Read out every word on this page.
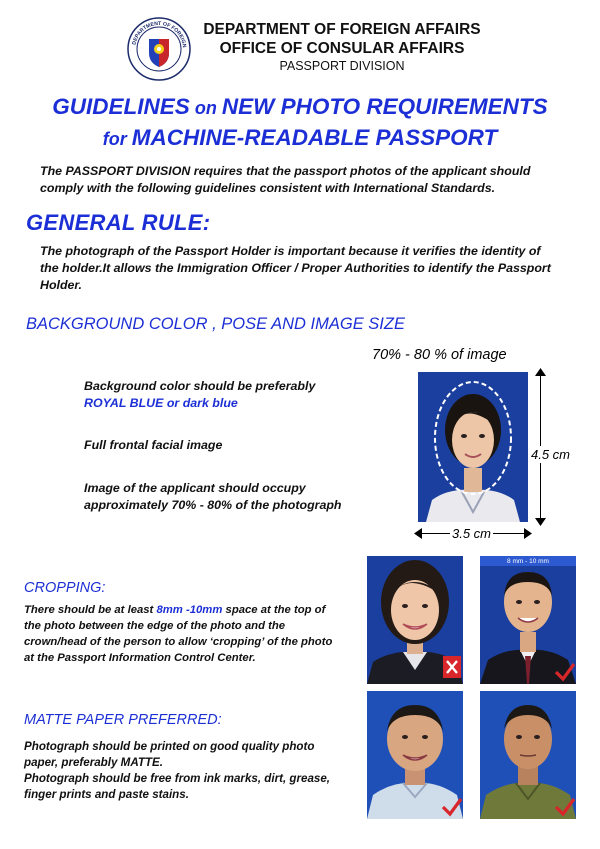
DEPARTMENT OF FOREIGN
DEPARTMENT OF FOREIGN AFFAIRS
OFFICE OF CONSULAR AFFAIRS
PASSPORT DIVISION
GUIDELINES on NEW PHOTO REQUIREMENTS
for MACHINE-READABLE PASSPORT
The PASSPORT DIVISION requires that the passport photos of the applicant should comply with the following guidelines consistent with International Standards.
GENERAL RULE:
The photograph of the Passport Holder is important because it verifies the identity of the holder.It allows the Immigration Officer / Proper Authorities to identify the Passport Holder.
BACKGROUND COLOR , POSE AND IMAGE SIZE
70% - 80 % of image
Background color should be preferably
ROYAL BLUE or dark blue
Full frontal facial image
Image of the applicant should occupy approximately 70% - 80% of the photograph
4.5 cm
3.5 cm
CROPPING:
There should be at least 8mm -10mm space at the top of the photo between the edge of the photo and the crown/head of the person to allow ‘cropping’ of the photo at the Passport Information Control Center.
8 mm - 10 mm
MATTE PAPER PREFERRED:
Photograph should be printed on good quality photo paper, preferably MATTE.
Photograph should be free from ink marks, dirt, grease, finger prints and paste stains.
